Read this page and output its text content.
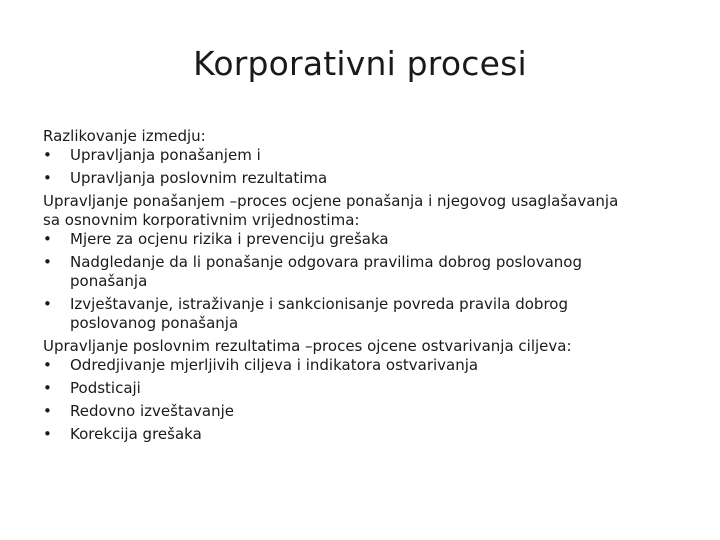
Korporativni procesi
Razlikovanje izmedju:
•	Upravljanja ponašanjem i
•	Upravljanja poslovnim rezultatima
Upravljanje ponašanjem –proces ocjene ponašanja i njegovog usaglašavanja
sa osnovnim korporativnim vrijednostima:
•	Mjere za ocjenu rizika i prevenciju grešaka
•	Nadgledanje da li ponašanje odgovara pravilima dobrog poslovanog
ponašanja
•	Izvještavanje, istraživanje i sankcionisanje povreda pravila dobrog
poslovanog ponašanja
Upravljanje poslovnim rezultatima –proces ojcene ostvarivanja ciljeva:
•	Odredjivanje mjerljivih ciljeva i indikatora ostvarivanja
•	Podsticaji
•	Redovno izveštavanje
•	Korekcija grešaka
